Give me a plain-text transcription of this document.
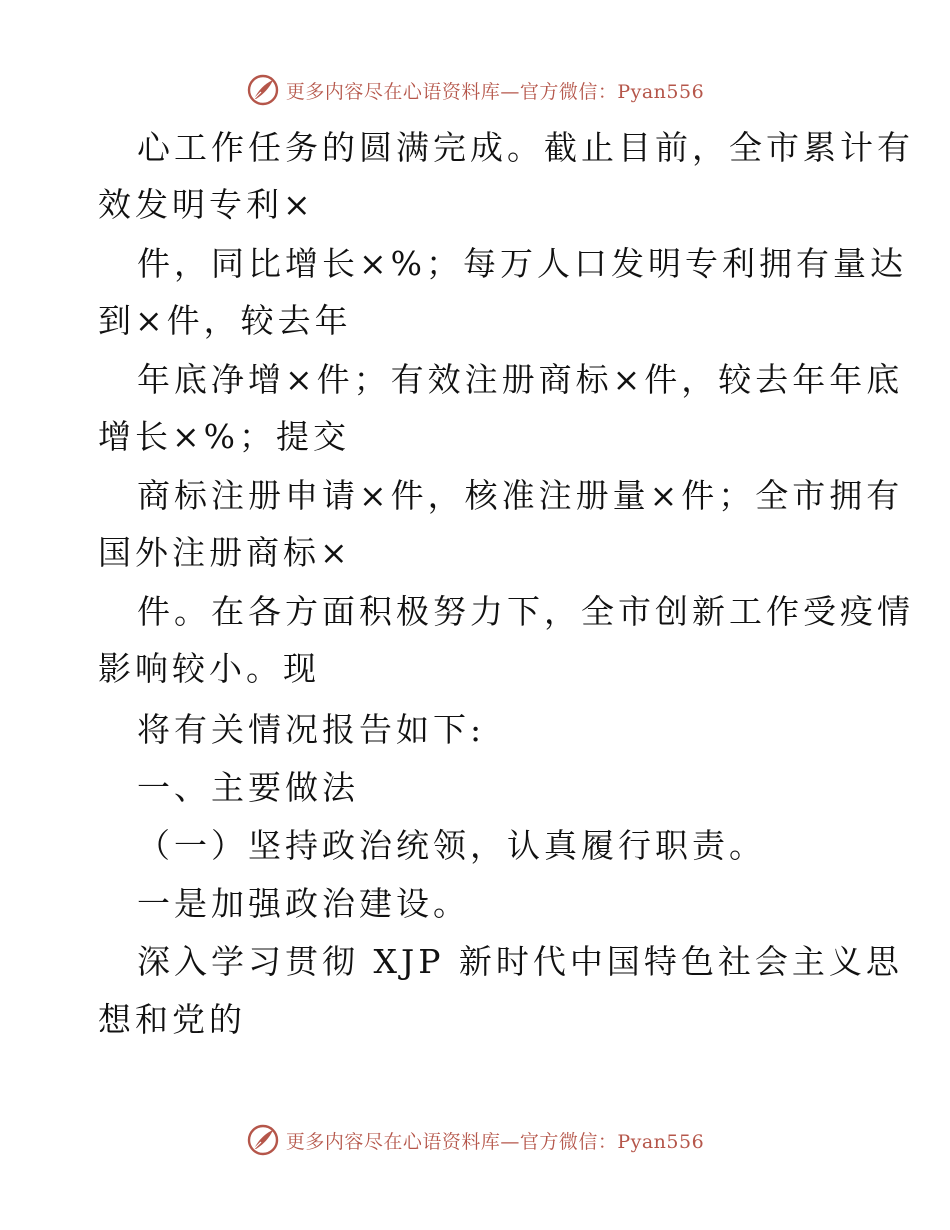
更多内容尽在心语资料库—官方微信：Pyan556
心工作任务的圆满完成。截止目前，全市累计有
效发明专利×
件，同比增长×%；每万人口发明专利拥有量达
到×件，较去年
年底净增×件；有效注册商标×件，较去年年底
增长×%；提交
商标注册申请×件，核准注册量×件；全市拥有
国外注册商标×
件。在各方面积极努力下，全市创新工作受疫情
影响较小。现
将有关情况报告如下:
一、主要做法
（一）坚持政治统领，认真履行职责。
一是加强政治建设。
深入学习贯彻 XJP 新时代中国特色社会主义思
想和党的
更多内容尽在心语资料库—官方微信：Pyan556
